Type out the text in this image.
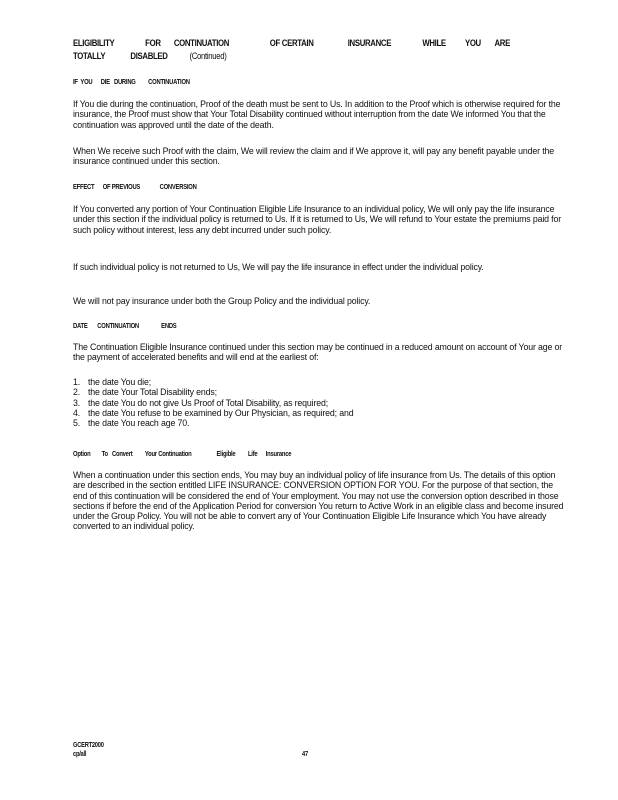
ELIGIBILITY	FOR	CONTINUATION	OF CERTAIN	INSURANCE	WHILE	YOU	ARE
TOTALLY	DISABLED	(Continued)
IF  YOU      DIE   DURING         CONTINUATION

If You die during the continuation, Proof of the death must be sent to Us. In addition to the Proof which is otherwise required for the insurance, the Proof must show that Your Total Disability continued without interruption from the date We informed You that the continuation was approved until the date of the death.

When We receive such Proof with the claim, We will review the claim and if We approve it, will pay any benefit payable under the insurance continued under this section.

EFFECT      OF PREVIOUS              CONVERSION

If You converted any portion of Your Continuation Eligible Life Insurance to an individual policy, We will only pay the life insurance under this section if the individual policy is returned to Us. If it is returned to Us, We will refund to Your estate the premiums paid for such policy without interest, less any debt incurred under such policy.

If such individual policy is not returned to Us, We will pay the life insurance in effect under the individual policy.

We will not pay insurance under both the Group Policy and the individual policy.

DATE       CONTINUATION                ENDS

The Continuation Eligible Insurance continued under this section may be continued in a reduced amount on account of Your age or the payment of accelerated benefits and will end at the earliest of:

1. the date You die;
2. the date Your Total Disability ends;
3. the date You do not give Us Proof of Total Disability, as required;
4. the date You refuse to be examined by Our Physician, as required; and
5. the date You reach age 70.
Option        To   Convert         Your Continuation                  Eligible         Life      Insurance

When a continuation under this section ends, You may buy an individual policy of life insurance from Us. The details of this option are described in the section entitled LIFE INSURANCE: CONVERSION OPTION FOR YOU. For the purpose of that section, the end of this continuation will be considered the end of Your employment. You may not use the conversion option described in those sections if before the end of the Application Period for conversion You return to Active Work in an eligible class and become insured under the Group Policy. You will not be able to convert any of Your Continuation Eligible Life Insurance which You have already converted to an individual policy.

GCERT2000
cp/all	47
